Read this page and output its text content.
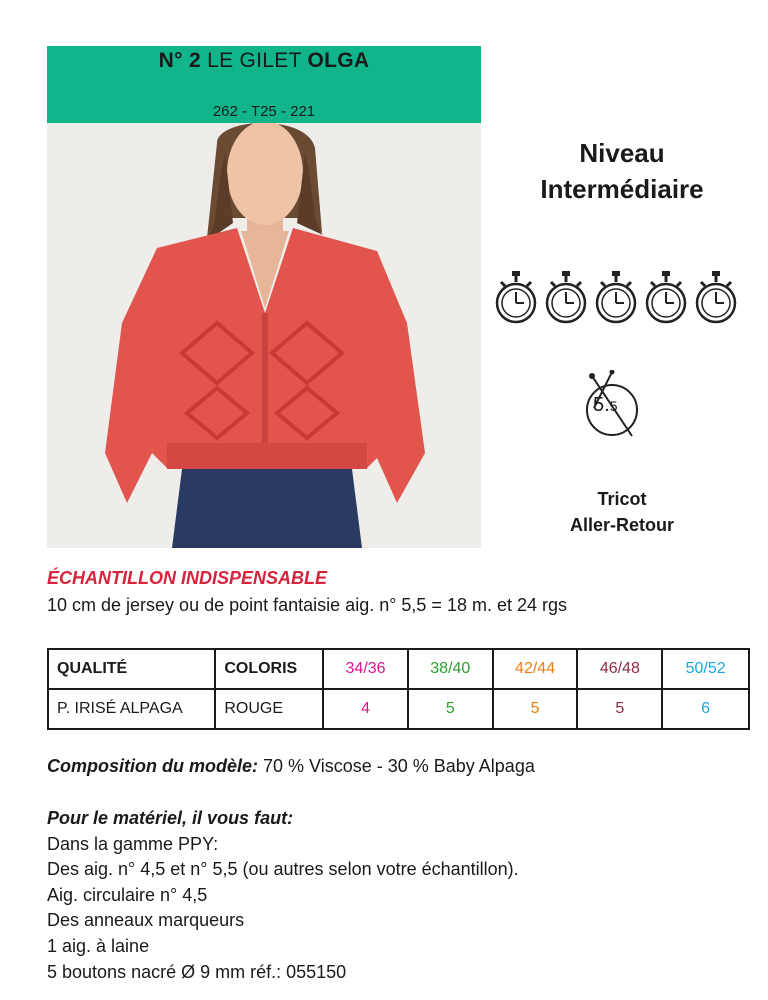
N° 2 LE GILET OLGA
262 - T25 - 221
Niveau
Intermédiaire
5.5
Tricot
Aller-Retour
ÉCHANTILLON INDISPENSABLE
10 cm de jersey ou de point fantaisie aig. n° 5,5 = 18 m. et 24 rgs
QUALITÉ	COLORIS	34/36	38/40	42/44	46/48	50/52
P. IRISÉ ALPAGA	ROUGE	4	5	5	5	6
Composition du modèle: 70 % Viscose - 30 % Baby Alpaga
Pour le matériel, il vous faut:
Dans la gamme PPY:
Des aig. n° 4,5 et n° 5,5 (ou autres selon votre échantillon).
Aig. circulaire n° 4,5
Des anneaux marqueurs
1 aig. à laine
5 boutons nacré Ø 9 mm réf.: 055150
